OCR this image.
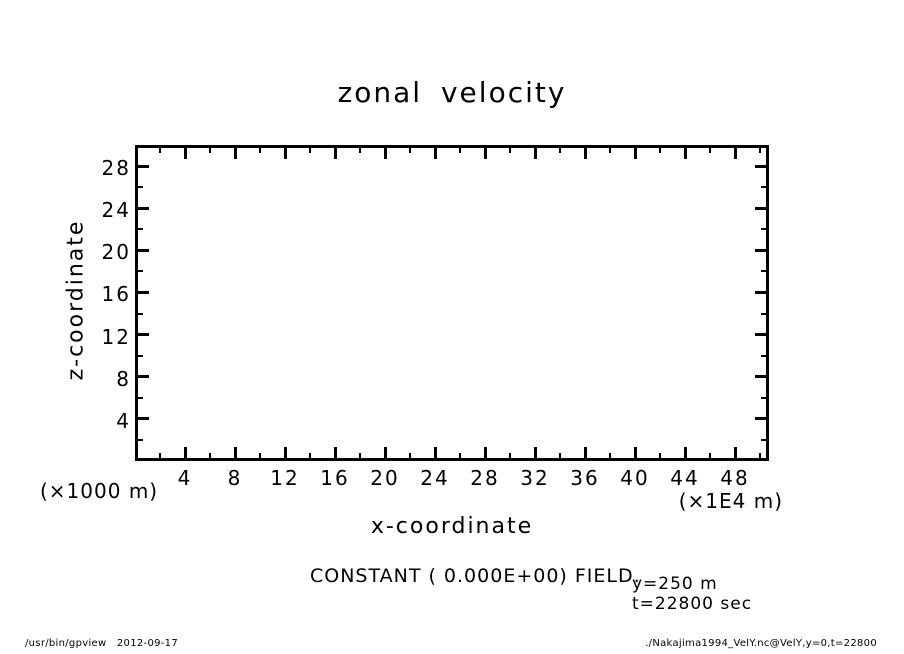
zonal velocity
z-coordinate
x-coordinate
(×1000 m)	(×1E4 m)
CONSTANT ( 0.000E+00) FIELD.
y=250 m
t=22800 sec
/usr/bin/gpview   2012-09-17	./Nakajima1994_VelY.nc@VelY,y=0,t=22800
4	8	12	16	20	24	28	32	36	40	44	48
4
8
12
16
20
24
28
